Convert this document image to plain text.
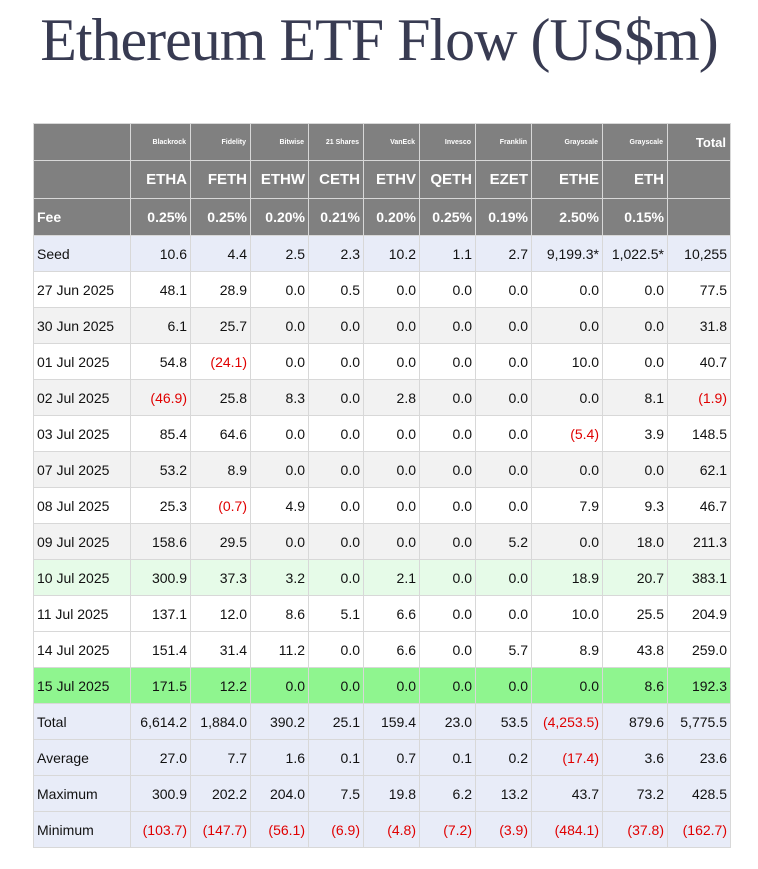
Ethereum ETF Flow (US$m)
	Blackrock	Fidelity	Bitwise	21 Shares	VanEck	Invesco	Franklin	Grayscale	Grayscale	Total
	ETHA	FETH	ETHW	CETH	ETHV	QETH	EZET	ETHE	ETH	
Fee	0.25%	0.25%	0.20%	0.21%	0.20%	0.25%	0.19%	2.50%	0.15%	
Seed	10.6	4.4	2.5	2.3	10.2	1.1	2.7	9,199.3*	1,022.5*	10,255
27 Jun 2025	48.1	28.9	0.0	0.5	0.0	0.0	0.0	0.0	0.0	77.5
30 Jun 2025	6.1	25.7	0.0	0.0	0.0	0.0	0.0	0.0	0.0	31.8
01 Jul 2025	54.8	(24.1)	0.0	0.0	0.0	0.0	0.0	10.0	0.0	40.7
02 Jul 2025	(46.9)	25.8	8.3	0.0	2.8	0.0	0.0	0.0	8.1	(1.9)
03 Jul 2025	85.4	64.6	0.0	0.0	0.0	0.0	0.0	(5.4)	3.9	148.5
07 Jul 2025	53.2	8.9	0.0	0.0	0.0	0.0	0.0	0.0	0.0	62.1
08 Jul 2025	25.3	(0.7)	4.9	0.0	0.0	0.0	0.0	7.9	9.3	46.7
09 Jul 2025	158.6	29.5	0.0	0.0	0.0	0.0	5.2	0.0	18.0	211.3
10 Jul 2025	300.9	37.3	3.2	0.0	2.1	0.0	0.0	18.9	20.7	383.1
11 Jul 2025	137.1	12.0	8.6	5.1	6.6	0.0	0.0	10.0	25.5	204.9
14 Jul 2025	151.4	31.4	11.2	0.0	6.6	0.0	5.7	8.9	43.8	259.0
15 Jul 2025	171.5	12.2	0.0	0.0	0.0	0.0	0.0	0.0	8.6	192.3
Total	6,614.2	1,884.0	390.2	25.1	159.4	23.0	53.5	(4,253.5)	879.6	5,775.5
Average	27.0	7.7	1.6	0.1	0.7	0.1	0.2	(17.4)	3.6	23.6
Maximum	300.9	202.2	204.0	7.5	19.8	6.2	13.2	43.7	73.2	428.5
Minimum	(103.7)	(147.7)	(56.1)	(6.9)	(4.8)	(7.2)	(3.9)	(484.1)	(37.8)	(162.7)
